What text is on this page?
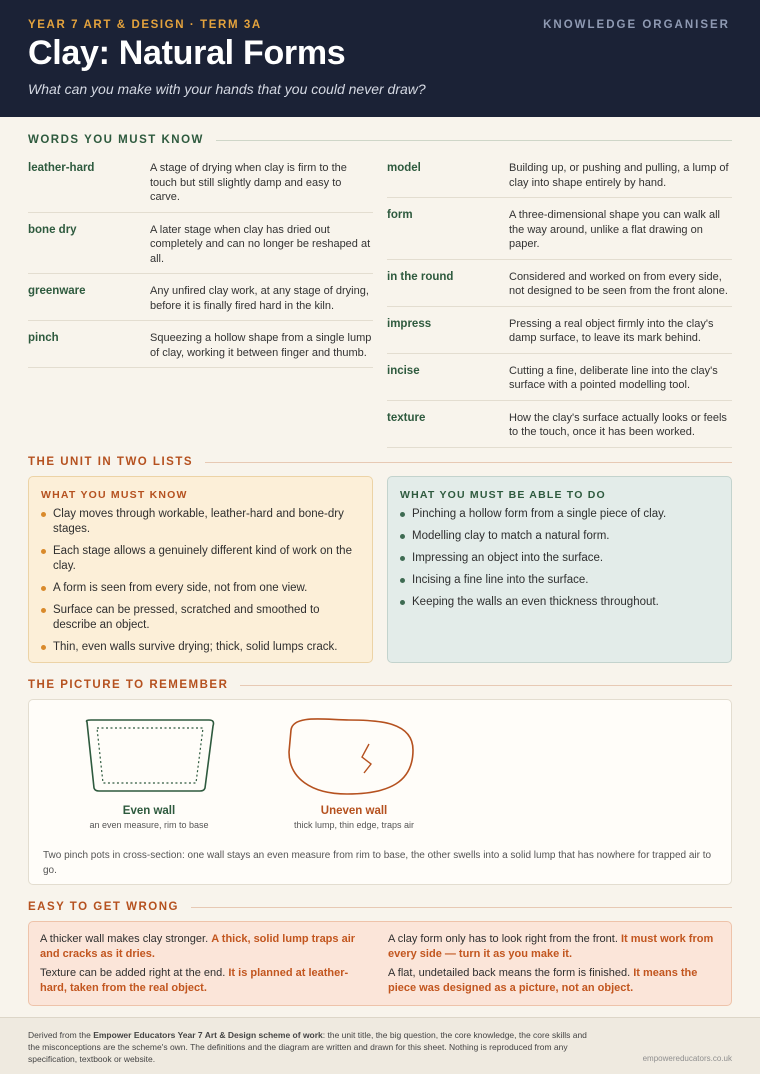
YEAR 7 ART & DESIGN · TERM 3A	KNOWLEDGE ORGANISER
Clay: Natural Forms
What can you make with your hands that you could never draw?
WORDS YOU MUST KNOW
leather-hard	A stage of drying when clay is firm to the touch but still slightly damp and easy to carve.
bone dry	A later stage when clay has dried out completely and can no longer be reshaped at all.
greenware	Any unfired clay work, at any stage of drying, before it is finally fired hard in the kiln.
pinch	Squeezing a hollow shape from a single lump of clay, working it between finger and thumb.
model	Building up, or pushing and pulling, a lump of clay into shape entirely by hand.
form	A three-dimensional shape you can walk all the way around, unlike a flat drawing on paper.
in the round	Considered and worked on from every side, not designed to be seen from the front alone.
impress	Pressing a real object firmly into the clay's damp surface, to leave its mark behind.
incise	Cutting a fine, deliberate line into the clay's surface with a pointed modelling tool.
texture	How the clay's surface actually looks or feels to the touch, once it has been worked.
THE UNIT IN TWO LISTS
WHAT YOU MUST KNOW
Clay moves through workable, leather-hard and bone-dry stages.
Each stage allows a genuinely different kind of work on the clay.
A form is seen from every side, not from one view.
Surface can be pressed, scratched and smoothed to describe an object.
Thin, even walls survive drying; thick, solid lumps crack.
WHAT YOU MUST BE ABLE TO DO
Pinching a hollow form from a single piece of clay.
Modelling clay to match a natural form.
Impressing an object into the surface.
Incising a fine line into the surface.
Keeping the walls an even thickness throughout.
THE PICTURE TO REMEMBER
Even wall
an even measure, rim to base
Uneven wall
thick lump, thin edge, traps air
Two pinch pots in cross-section: one wall stays an even measure from rim to base, the other swells into a solid lump that has nowhere for trapped air to go.
EASY TO GET WRONG
A thicker wall makes clay stronger. A thick, solid lump traps air and cracks as it dries.
Texture can be added right at the end. It is planned at leather-hard, taken from the real object.
A clay form only has to look right from the front. It must work from every side — turn it as you make it.
A flat, undetailed back means the form is finished. It means the piece was designed as a picture, not an object.
Derived from the Empower Educators Year 7 Art & Design scheme of work: the unit title, the big question, the core knowledge, the core skills and the misconceptions are the scheme's own. The definitions and the diagram are written and drawn for this sheet. Nothing is reproduced from any specification, textbook or website.	empowereducators.co.uk
